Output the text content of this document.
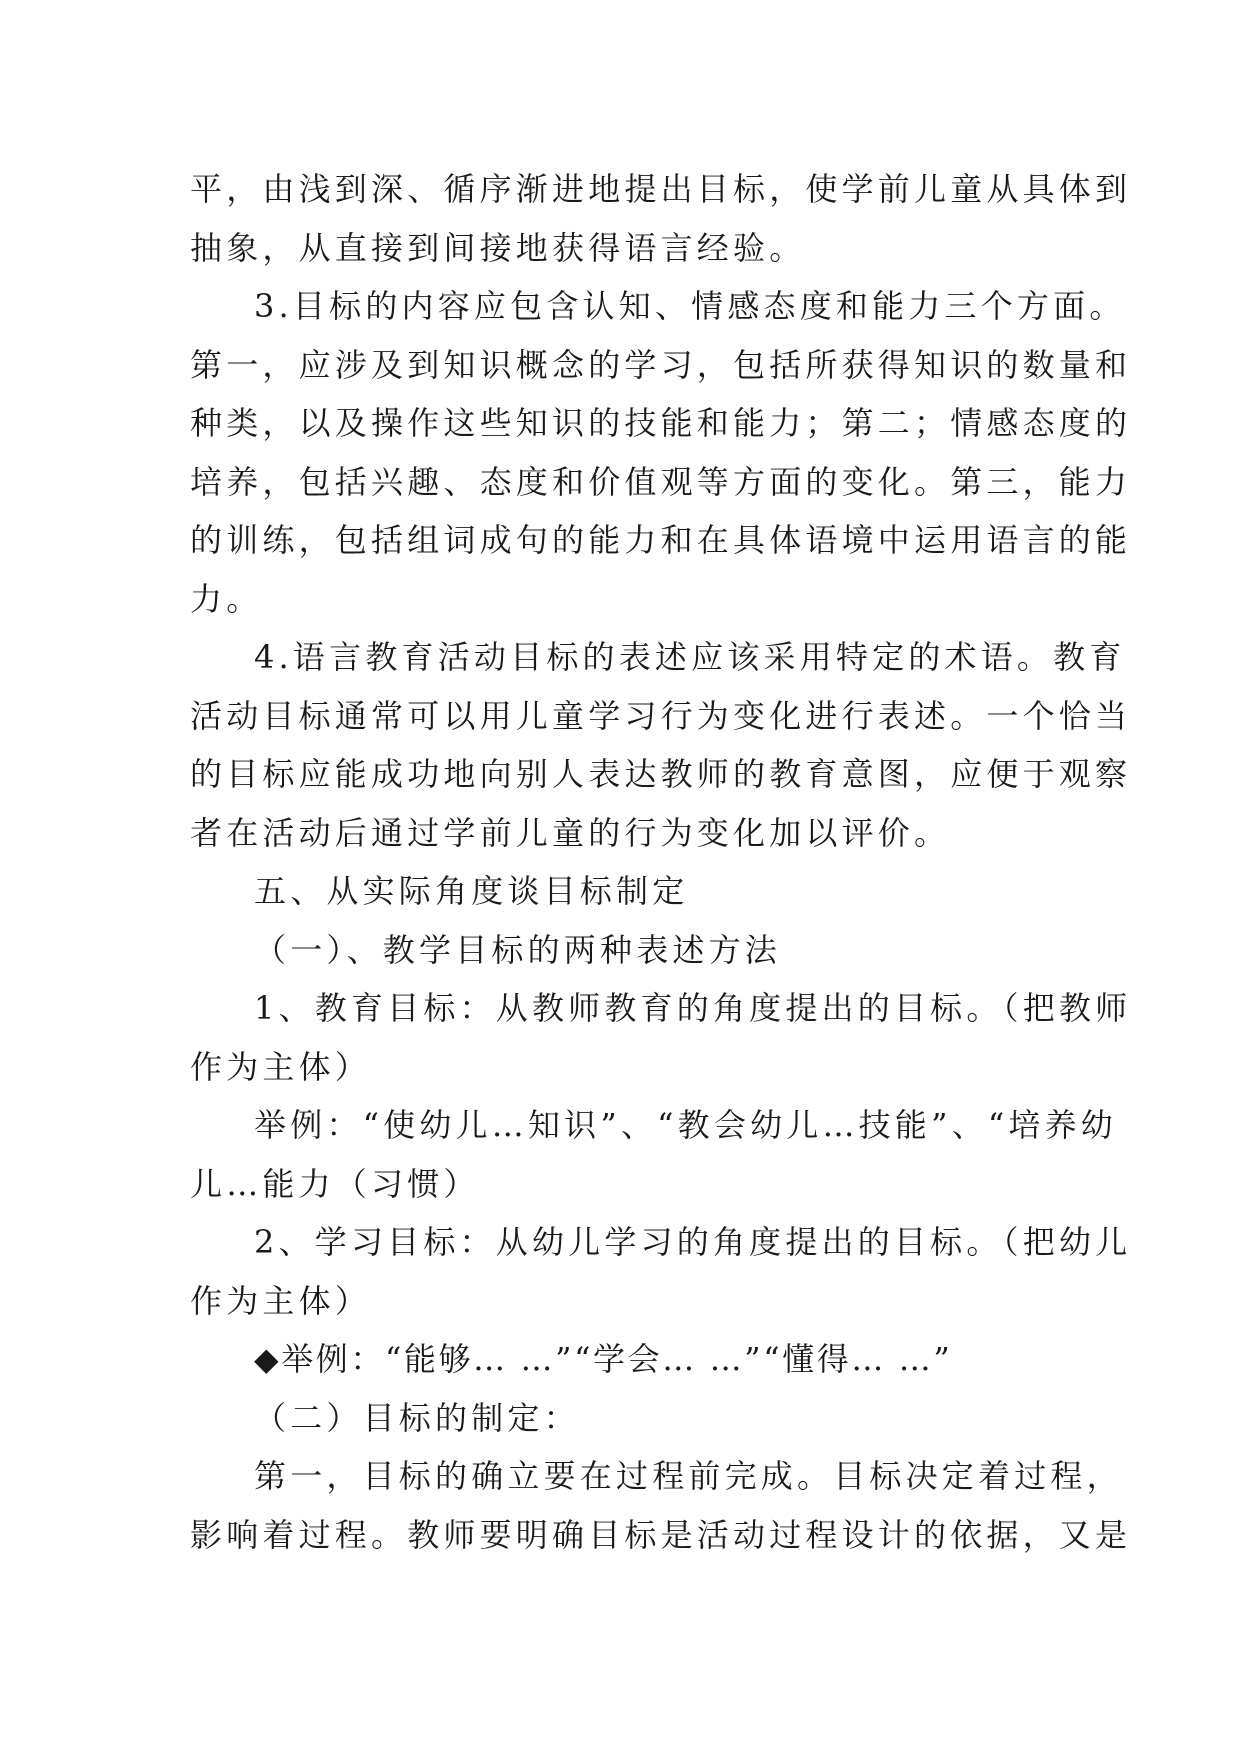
平，由浅到深、循序渐进地提出目标，使学前儿童从具体到
抽象，从直接到间接地获得语言经验。
3.目标的内容应包含认知、情感态度和能力三个方面。
第一，应涉及到知识概念的学习，包括所获得知识的数量和
种类，以及操作这些知识的技能和能力；第二；情感态度的
培养，包括兴趣、态度和价值观等方面的变化。第三，能力
的训练，包括组词成句的能力和在具体语境中运用语言的能
力。
4.语言教育活动目标的表述应该采用特定的术语。教育
活动目标通常可以用儿童学习行为变化进行表述。一个恰当
的目标应能成功地向别人表达教师的教育意图，应便于观察
者在活动后通过学前儿童的行为变化加以评价。
五、从实际角度谈目标制定
（一）、教学目标的两种表述方法
1、教育目标：从教师教育的角度提出的目标。（把教师
作为主体）
举例：“使幼儿…知识”、“教会幼儿…技能”、“培养幼
儿…能力（习惯）
2、学习目标：从幼儿学习的角度提出的目标。（把幼儿
作为主体）
◆举例：“能够… …”“学会… …”“懂得… …”
（二）目标的制定：
第一，目标的确立要在过程前完成。目标决定着过程，
影响着过程。教师要明确目标是活动过程设计的依据，又是
